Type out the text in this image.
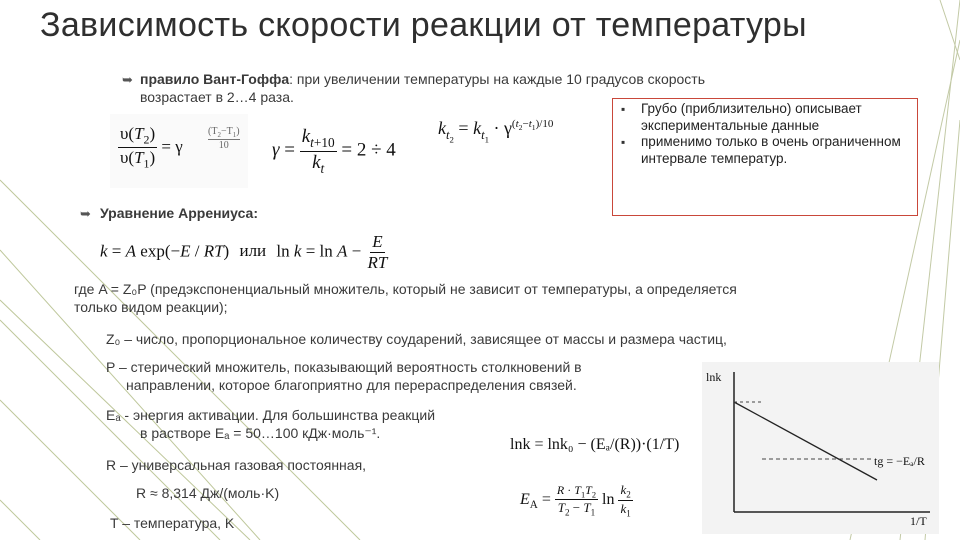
Зависимость скорости реакции от температуры
➥ правило Вант-Гоффа: при увеличении температуры на каждые 10 градусов скорость
возрастает в 2…4 раза.
$\frac{\upsilon(T_2)}{\upsilon(T_1)} = \gamma$
$(T_2-T_1)$
10	$\gamma = \frac{k_{t+10}}{k_t} = 2 \div 4$
$k_{t_2} = k_{t_1} \cdot \gamma^{(t_2-t_1)/10}$
▪ Грубо (приблизительно) описывает экспериментальные данные
▪ применимо только в очень ограниченном интервале температур.
➥ Уравнение Аррениуса:
k = A exp(−E / RT) или $\ln k = \ln A - \frac{E}{RT}$
где A = Z₀P (предэкспоненциальный множитель, который не зависит от температуры, а определяется
только видом реакции);
Z₀ – число, пропорциональное количеству соударений, зависящее от массы и размера частиц,
P – стерический множитель, показывающий вероятность столкновений в
направлении, которое благоприятно для перераспределения связей.
Eₐ - энергия активации. Для большинства реакций
в растворе Eₐ = 50…100 кДж·моль⁻¹.
R – универсальная газовая постоянная,
R ≈ 8,314 Дж/(моль·K)
T – температура, K
lnk = lnk₀ − (Eₐ/(R))·(1/T)
$E_A = \frac{R \cdot T_1T_2}{T_2 - T_1}$ $\ln \frac{k_2}{k_1}$
lnk
1/T
tg = −Eₐ/R
